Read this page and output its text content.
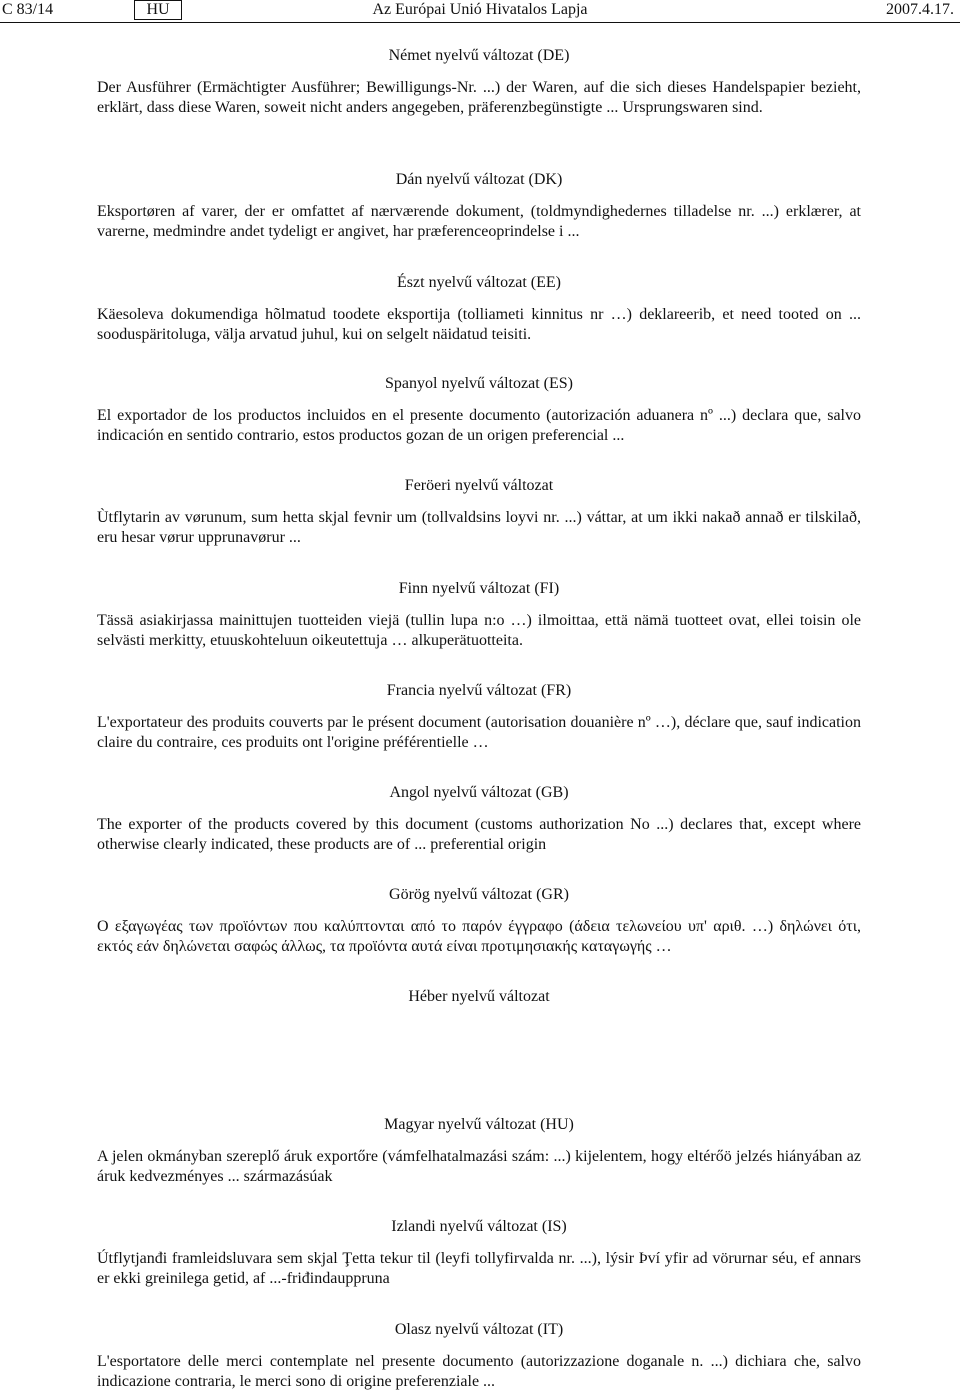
C 83/14	HU	Az Európai Unió Hivatalos Lapja	2007.4.17.
Német nyelvű változat (DE)

Der Ausführer (Ermächtigter Ausführer; Bewilligungs-Nr. ...) der Waren, auf die sich dieses Handelspapier bezieht, erklärt, dass diese Waren, soweit nicht anders angegeben, präferenzbegünstigte ... Ursprungswaren sind.

Dán nyelvű változat (DK)

Eksportøren af varer, der er omfattet af nærværende dokument, (toldmyndighedernes tilladelse nr. ...) erklærer, at varerne, medmindre andet tydeligt er angivet, har præferenceoprindelse i ...

Észt nyelvű változat (EE)

Käesoleva dokumendiga hõlmatud toodete eksportija (tolliameti kinnitus nr …) deklareerib, et need tooted on ... sooduspäritoluga, välja arvatud juhul, kui on selgelt näidatud teisiti.

Spanyol nyelvű változat (ES)

El exportador de los productos incluidos en el presente documento (autorización aduanera nº ...) declara que, salvo indicación en sentido contrario, estos productos gozan de un origen preferencial ...

Feröeri nyelvű változat

Ùtflytarin av vørunum, sum hetta skjal fevnir um (tollvaldsins loyvi nr. ...) váttar, at um ikki nakað annað er tilskilað, eru hesar vørur upprunavørur ...

Finn nyelvű változat (FI)

Tässä asiakirjassa mainittujen tuotteiden viejä (tullin lupa n:o …) ilmoittaa, että nämä tuotteet ovat, ellei toisin ole selvästi merkitty, etuuskohteluun oikeutettuja … alkuperätuotteita.

Francia nyelvű változat (FR)

L'exportateur des produits couverts par le présent document (autorisation douanière nº …), déclare que, sauf indication claire du contraire, ces produits ont l'origine préférentielle …

Angol nyelvű változat (GB)

The exporter of the products covered by this document (customs authorization No ...) declares that, except where otherwise clearly indicated, these products are of ... preferential origin

Görög nyelvű változat (GR)

Ο εξαγωγέας των προϊόντων που καλύπτονται από το παρόν έγγραφο (άδεια τελωνείου υπ' αριθ. …) δηλώνει ότι, εκτός εάν δηλώνεται σαφώς άλλως, τα προϊόντα αυτά είναι προτιμησιακής καταγωγής …

Héber nyelvű változat
Magyar nyelvű változat (HU)

A jelen okmányban szereplő áruk exportőre (vámfelhatalmazási szám: ...) kijelentem, hogy eltérőö jelzés hiányában az áruk kedvezményes ... származásúak

Izlandi nyelvű változat (IS)

Útflytjanđi framleidsluvara sem skjal Ţetta tekur til (leyfi tollyfirvalda nr. ...), lýsir Því yfir ad vörurnar séu, ef annars er ekki greinilega getid, af ...-friđindauppruna

Olasz nyelvű változat (IT)

L'esportatore delle merci contemplate nel presente documento (autorizzazione doganale n. ...) dichiara che, salvo indicazione contraria, le merci sono di origine preferenziale ...
